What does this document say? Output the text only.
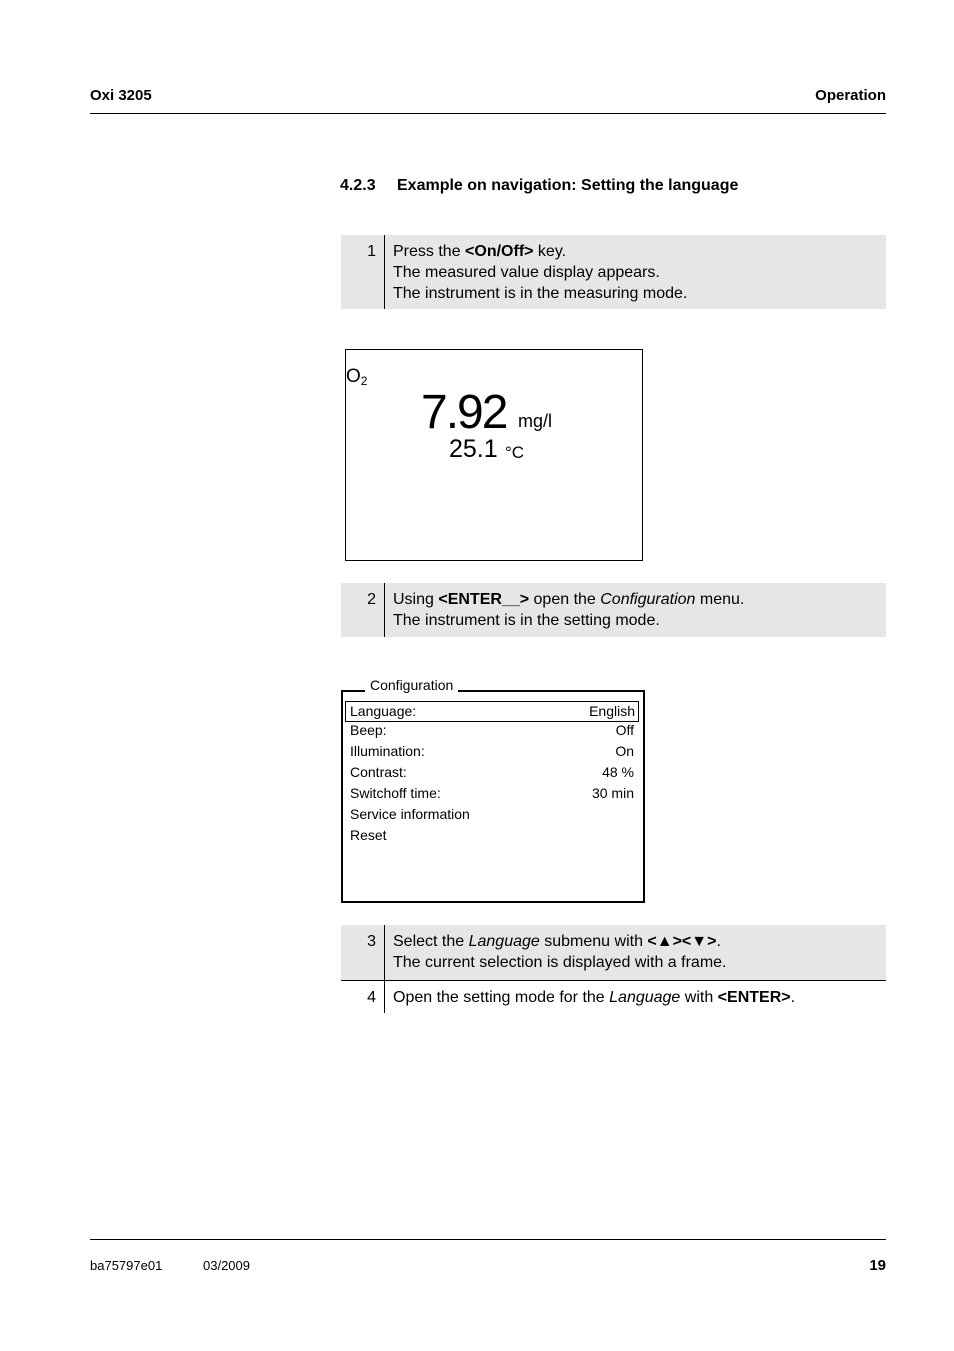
Oxi 3205	Operation
4.2.3 Example on navigation: Setting the language
1 Press the <On/Off> key.
The measured value display appears.
The instrument is in the measuring mode.
$O_2$
7.92 mg/l
25.1 °C
2 Using <ENTER__> open the Configuration menu.
The instrument is in the setting mode.
Configuration
Language:	English
Beep:	Off
Illumination:	On
Contrast:	48 %
Switchoff time:	30 min
Service information
Reset
3 Select the Language submenu with <▲><▼>.
The current selection is displayed with a frame.
4 Open the setting mode for the Language with <ENTER>.
ba75797e01	03/2009	19
